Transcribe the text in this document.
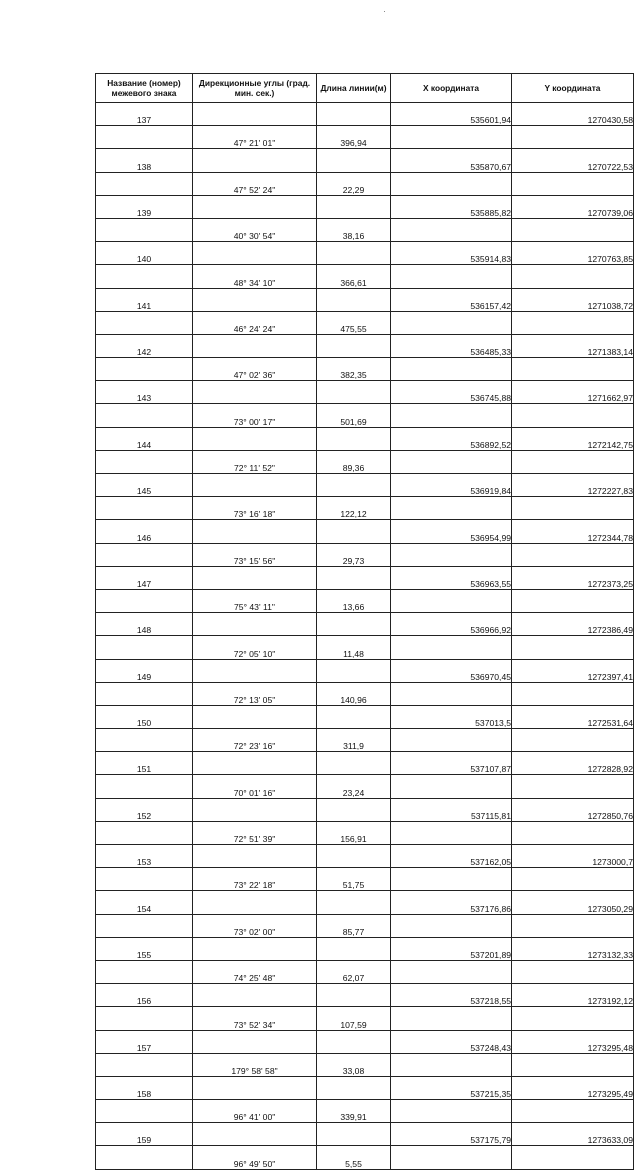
Название (номер) межевого знака	Дирекционные углы (град. мин. сек.)	Длина линии(м)	X координата	Y координата
137			535601,94	1270430,58
	47° 21' 01"	396,94		
138			535870,67	1270722,53
	47° 52' 24"	22,29		
139			535885,82	1270739,06
	40° 30' 54"	38,16		
140			535914,83	1270763,85
	48° 34' 10"	366,61		
141			536157,42	1271038,72
	46° 24' 24"	475,55		
142			536485,33	1271383,14
	47° 02' 36"	382,35		
143			536745,88	1271662,97
	73° 00' 17"	501,69		
144			536892,52	1272142,75
	72° 11' 52"	89,36		
145			536919,84	1272227,83
	73° 16' 18"	122,12		
146			536954,99	1272344,78
	73° 15' 56"	29,73		
147			536963,55	1272373,25
	75° 43' 11"	13,66		
148			536966,92	1272386,49
	72° 05' 10"	11,48		
149			536970,45	1272397,41
	72° 13' 05"	140,96		
150			537013,5	1272531,64
	72° 23' 16"	311,9		
151			537107,87	1272828,92
	70° 01' 16"	23,24		
152			537115,81	1272850,76
	72° 51' 39"	156,91		
153			537162,05	1273000,7
	73° 22' 18"	51,75		
154			537176,86	1273050,29
	73° 02' 00"	85,77		
155			537201,89	1273132,33
	74° 25' 48"	62,07		
156			537218,55	1273192,12
	73° 52' 34"	107,59		
157			537248,43	1273295,48
	179° 58' 58"	33,08		
158			537215,35	1273295,49
	96° 41' 00"	339,91		
159			537175,79	1273633,09
	96° 49' 50"	5,55		
